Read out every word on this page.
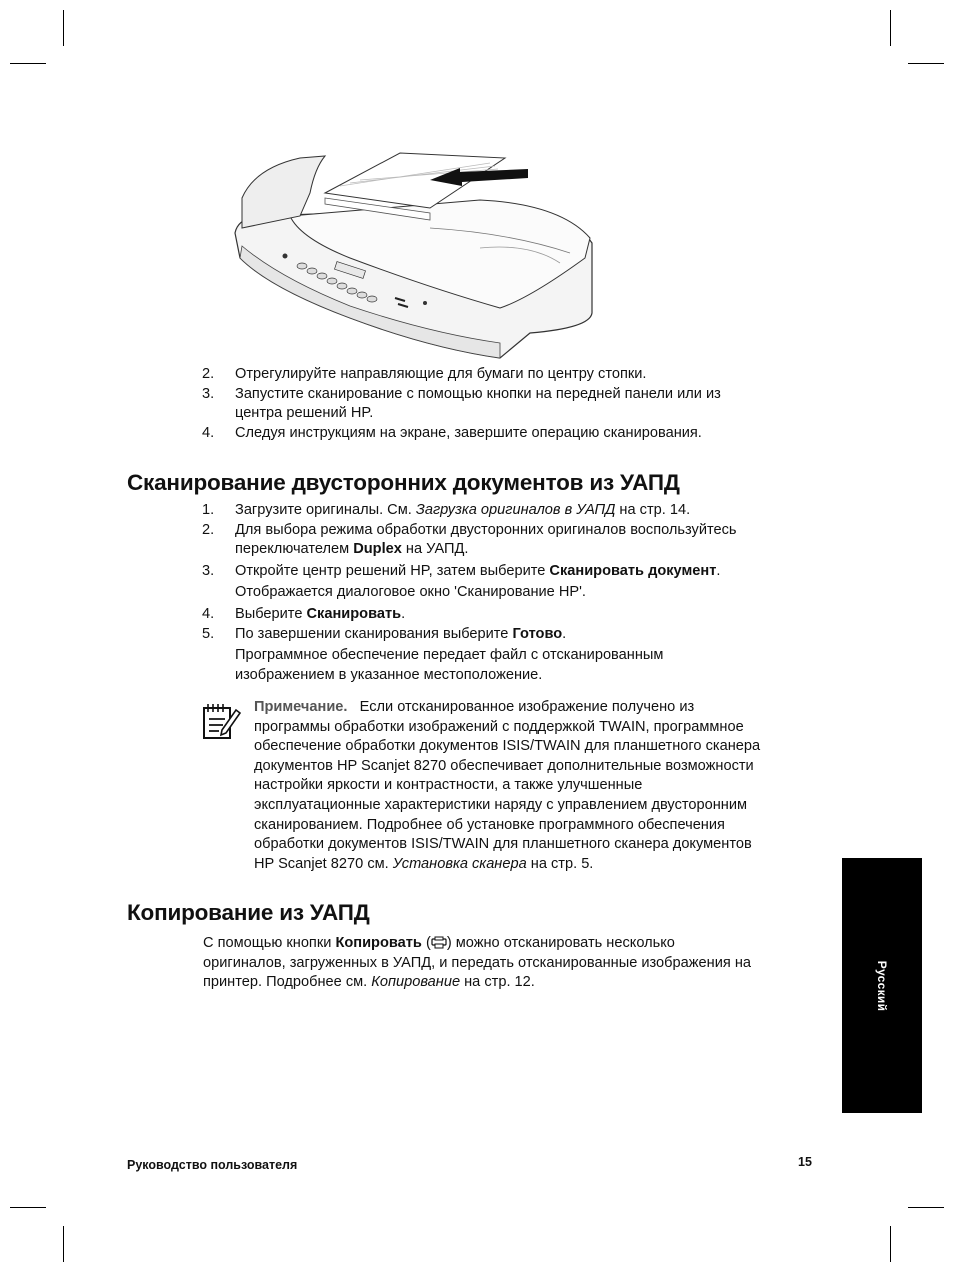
2. Отрегулируйте направляющие для бумаги по центру стопки.
3. Запустите сканирование с помощью кнопки на передней панели или из
центра решений HP.
4. Следуя инструкциям на экране, завершите операцию сканирования.
Сканирование двусторонних документов из УАПД
1. Загрузите оригиналы. См. Загрузка оригиналов в УАПД на стр. 14.
2. Для выбора режима обработки двусторонних оригиналов воспользуйтесь
переключателем Duplex на УАПД.
3. Откройте центр решений HP, затем выберите Сканировать документ.
Отображается диалоговое окно 'Сканирование HP'.
4. Выберите Сканировать.
5. По завершении сканирования выберите Готово.
Программное обеспечение передает файл с отсканированным
изображением в указанное местоположение.
Примечание. Если отсканированное изображение получено из
программы обработки изображений с поддержкой TWAIN, программное
обеспечение обработки документов ISIS/TWAIN для планшетного сканера
документов HP Scanjet 8270 обеспечивает дополнительные возможности
настройки яркости и контрастности, а также улучшенные
эксплуатационные характеристики наряду с управлением двусторонним
сканированием. Подробнее об установке программного обеспечения
обработки документов ISIS/TWAIN для планшетного сканера документов
HP Scanjet 8270 см. Установка сканера на стр. 5.
Копирование из УАПД
С помощью кнопки Копировать ( ) можно отсканировать несколько
оригиналов, загруженных в УАПД, и передать отсканированные изображения на
принтер. Подробнее см. Копирование на стр. 12.	Русский
Руководство пользователя	15
